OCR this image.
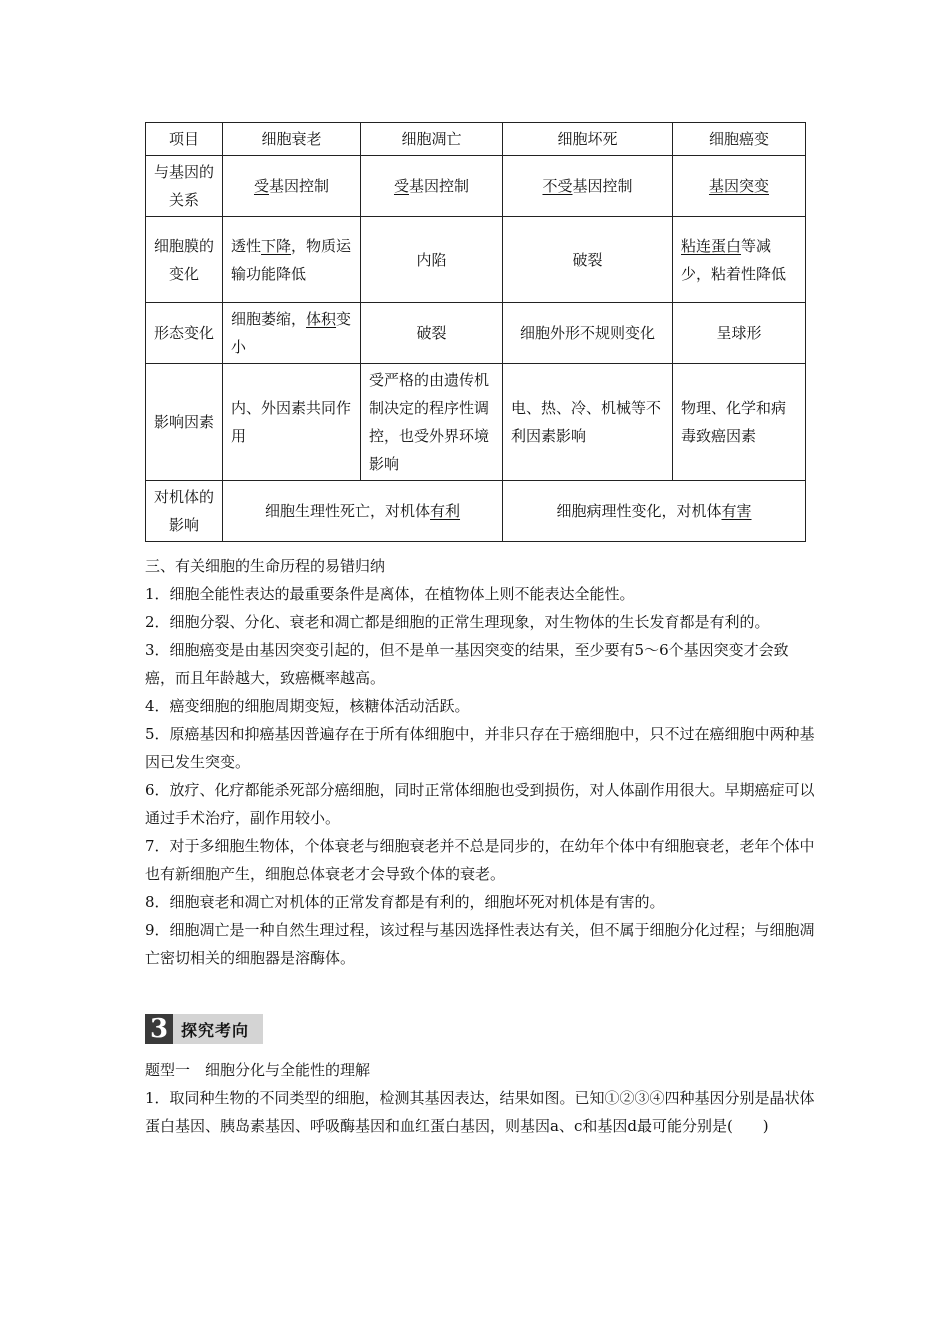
项目	细胞衰老	细胞凋亡	细胞坏死	细胞癌变
与基因的关系	受基因控制	受基因控制	不受基因控制	基因突变
细胞膜的变化	透性下降，物质运输功能降低	内陷	破裂	粘连蛋白等减少，粘着性降低
形态变化	细胞萎缩，体积变小	破裂	细胞外形不规则变化	呈球形
影响因素	内、外因素共同作用	受严格的由遗传机制决定的程序性调控，也受外界环境影响	电、热、冷、机械等不利因素影响	物理、化学和病毒致癌因素
对机体的影响	细胞生理性死亡，对机体有利		细胞病理性变化，对机体有害	

三、有关细胞的生命历程的易错归纳

1．细胞全能性表达的最重要条件是离体，在植物体上则不能表达全能性。

2．细胞分裂、分化、衰老和凋亡都是细胞的正常生理现象，对生物体的生长发育都是有利的。

3．细胞癌变是由基因突变引起的，但不是单一基因突变的结果，至少要有5～6个基因突变才会致癌，而且年龄越大，致癌概率越高。

4．癌变细胞的细胞周期变短，核糖体活动活跃。

5．原癌基因和抑癌基因普遍存在于所有体细胞中，并非只存在于癌细胞中，只不过在癌细胞中两种基因已发生突变。

6．放疗、化疗都能杀死部分癌细胞，同时正常体细胞也受到损伤，对人体副作用很大。早期癌症可以通过手术治疗，副作用较小。

7．对于多细胞生物体，个体衰老与细胞衰老并不总是同步的，在幼年个体中有细胞衰老，老年个体中也有新细胞产生，细胞总体衰老才会导致个体的衰老。

8．细胞衰老和凋亡对机体的正常发育都是有利的，细胞坏死对机体是有害的。

9．细胞凋亡是一种自然生理过程，该过程与基因选择性表达有关，但不属于细胞分化过程；与细胞凋亡密切相关的细胞器是溶酶体。

3 探究考向

题型一　细胞分化与全能性的理解

1．取同种生物的不同类型的细胞，检测其基因表达，结果如图。已知①②③④四种基因分别是晶状体蛋白基因、胰岛素基因、呼吸酶基因和血红蛋白基因，则基因a、c和基因d最可能分别是(　　)
